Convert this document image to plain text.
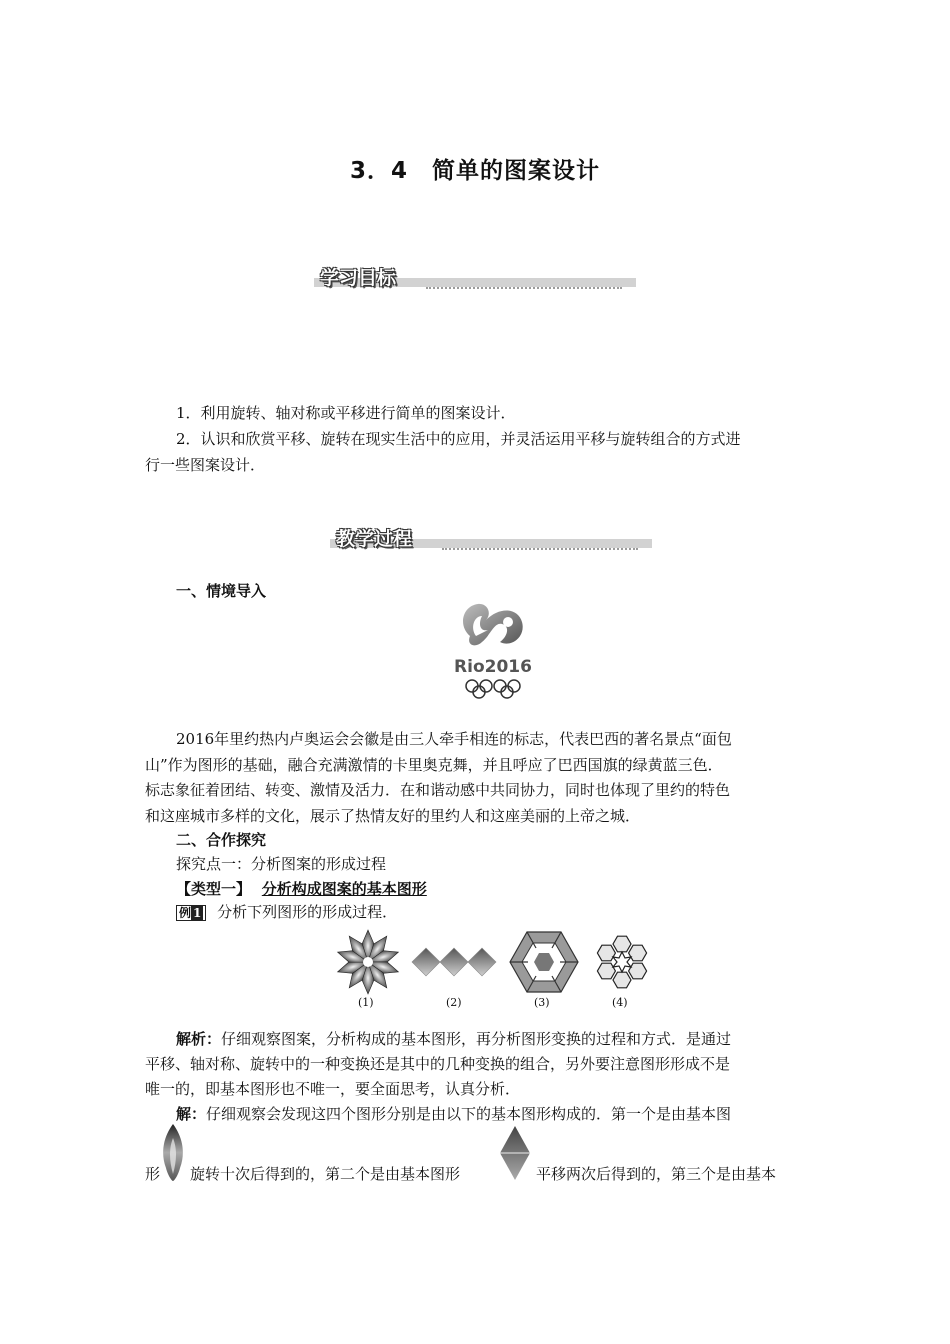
3．4　简单的图案设计
学习目标
1．利用旋转、轴对称或平移进行简单的图案设计．
2．认识和欣赏平移、旋转在现实生活中的应用，并灵活运用平移与旋转组合的方式进
行一些图案设计．
教学过程
一、情境导入
Rio2016
2016年里约热内卢奥运会会徽是由三人牵手相连的标志，代表巴西的著名景点“面包
山”作为图形的基础，融合充满激情的卡里奥克舞，并且呼应了巴西国旗的绿黄蓝三色．
标志象征着团结、转变、激情及活力．在和谐动感中共同协力，同时也体现了里约的特色
和这座城市多样的文化，展示了热情友好的里约人和这座美丽的上帝之城．
二、合作探究
探究点一：分析图案的形成过程
【类型一】 分析构成图案的基本图形
例 1 分析下列图形的形成过程．
(1)	(2)	(3)	(4)
解析：仔细观察图案，分析构成的基本图形，再分析图形变换的过程和方式．是通过
平移、轴对称、旋转中的一种变换还是其中的几种变换的组合，另外要注意图形形成不是
唯一的，即基本图形也不唯一，要全面思考，认真分析．
解：仔细观察会发现这四个图形分别是由以下的基本图形构成的．第一个是由基本图
形 旋转十次后得到的，第二个是由基本图形	平移两次后得到的，第三个是由基本
